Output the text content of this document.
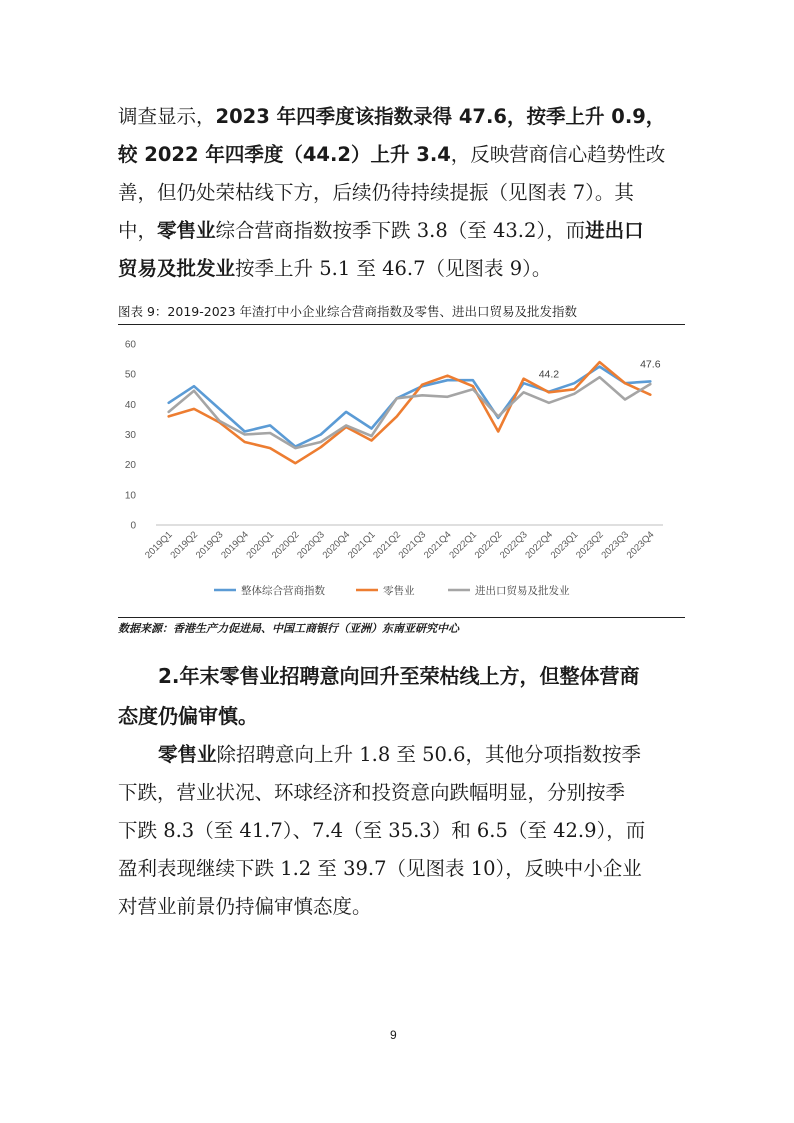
调查显示，2023 年四季度该指数录得 47.6，按季上升 0.9，
较 2022 年四季度（44.2）上升 3.4，反映营商信心趋势性改
善，但仍处荣枯线下方，后续仍待持续提振（见图表 7）。其
中，零售业综合营商指数按季下跌 3.8（至 43.2），而进出口
贸易及批发业按季上升 5.1 至 46.7（见图表 9）。

图表 9：2019-2023 年渣打中小企业综合营商指数及零售、进出口贸易及批发指数
0
10
20
30
40
50
60
2019Q1
2019Q2
2019Q3
2019Q4
2020Q1
2020Q2
2020Q3
2020Q4
2021Q1
2021Q2
2021Q3
2021Q4
2022Q1
2022Q2
2022Q3
2022Q4
2023Q1
2023Q2
2023Q3
2023Q4
44.2
47.6
整体综合营商指数	零售业	进出口贸易及批发业
数据来源：香港生产力促进局、中国工商银行（亚洲）东南亚研究中心
2.年末零售业招聘意向回升至荣枯线上方，但整体营商
态度仍偏审慎。

零售业除招聘意向上升 1.8 至 50.6，其他分项指数按季

下跌，营业状况、环球经济和投资意向跌幅明显，分别按季
下跌 8.3（至 41.7）、7.4（至 35.3）和 6.5（至 42.9），而
盈利表现继续下跌 1.2 至 39.7（见图表 10），反映中小企业
对营业前景仍持偏审慎态度。

9
